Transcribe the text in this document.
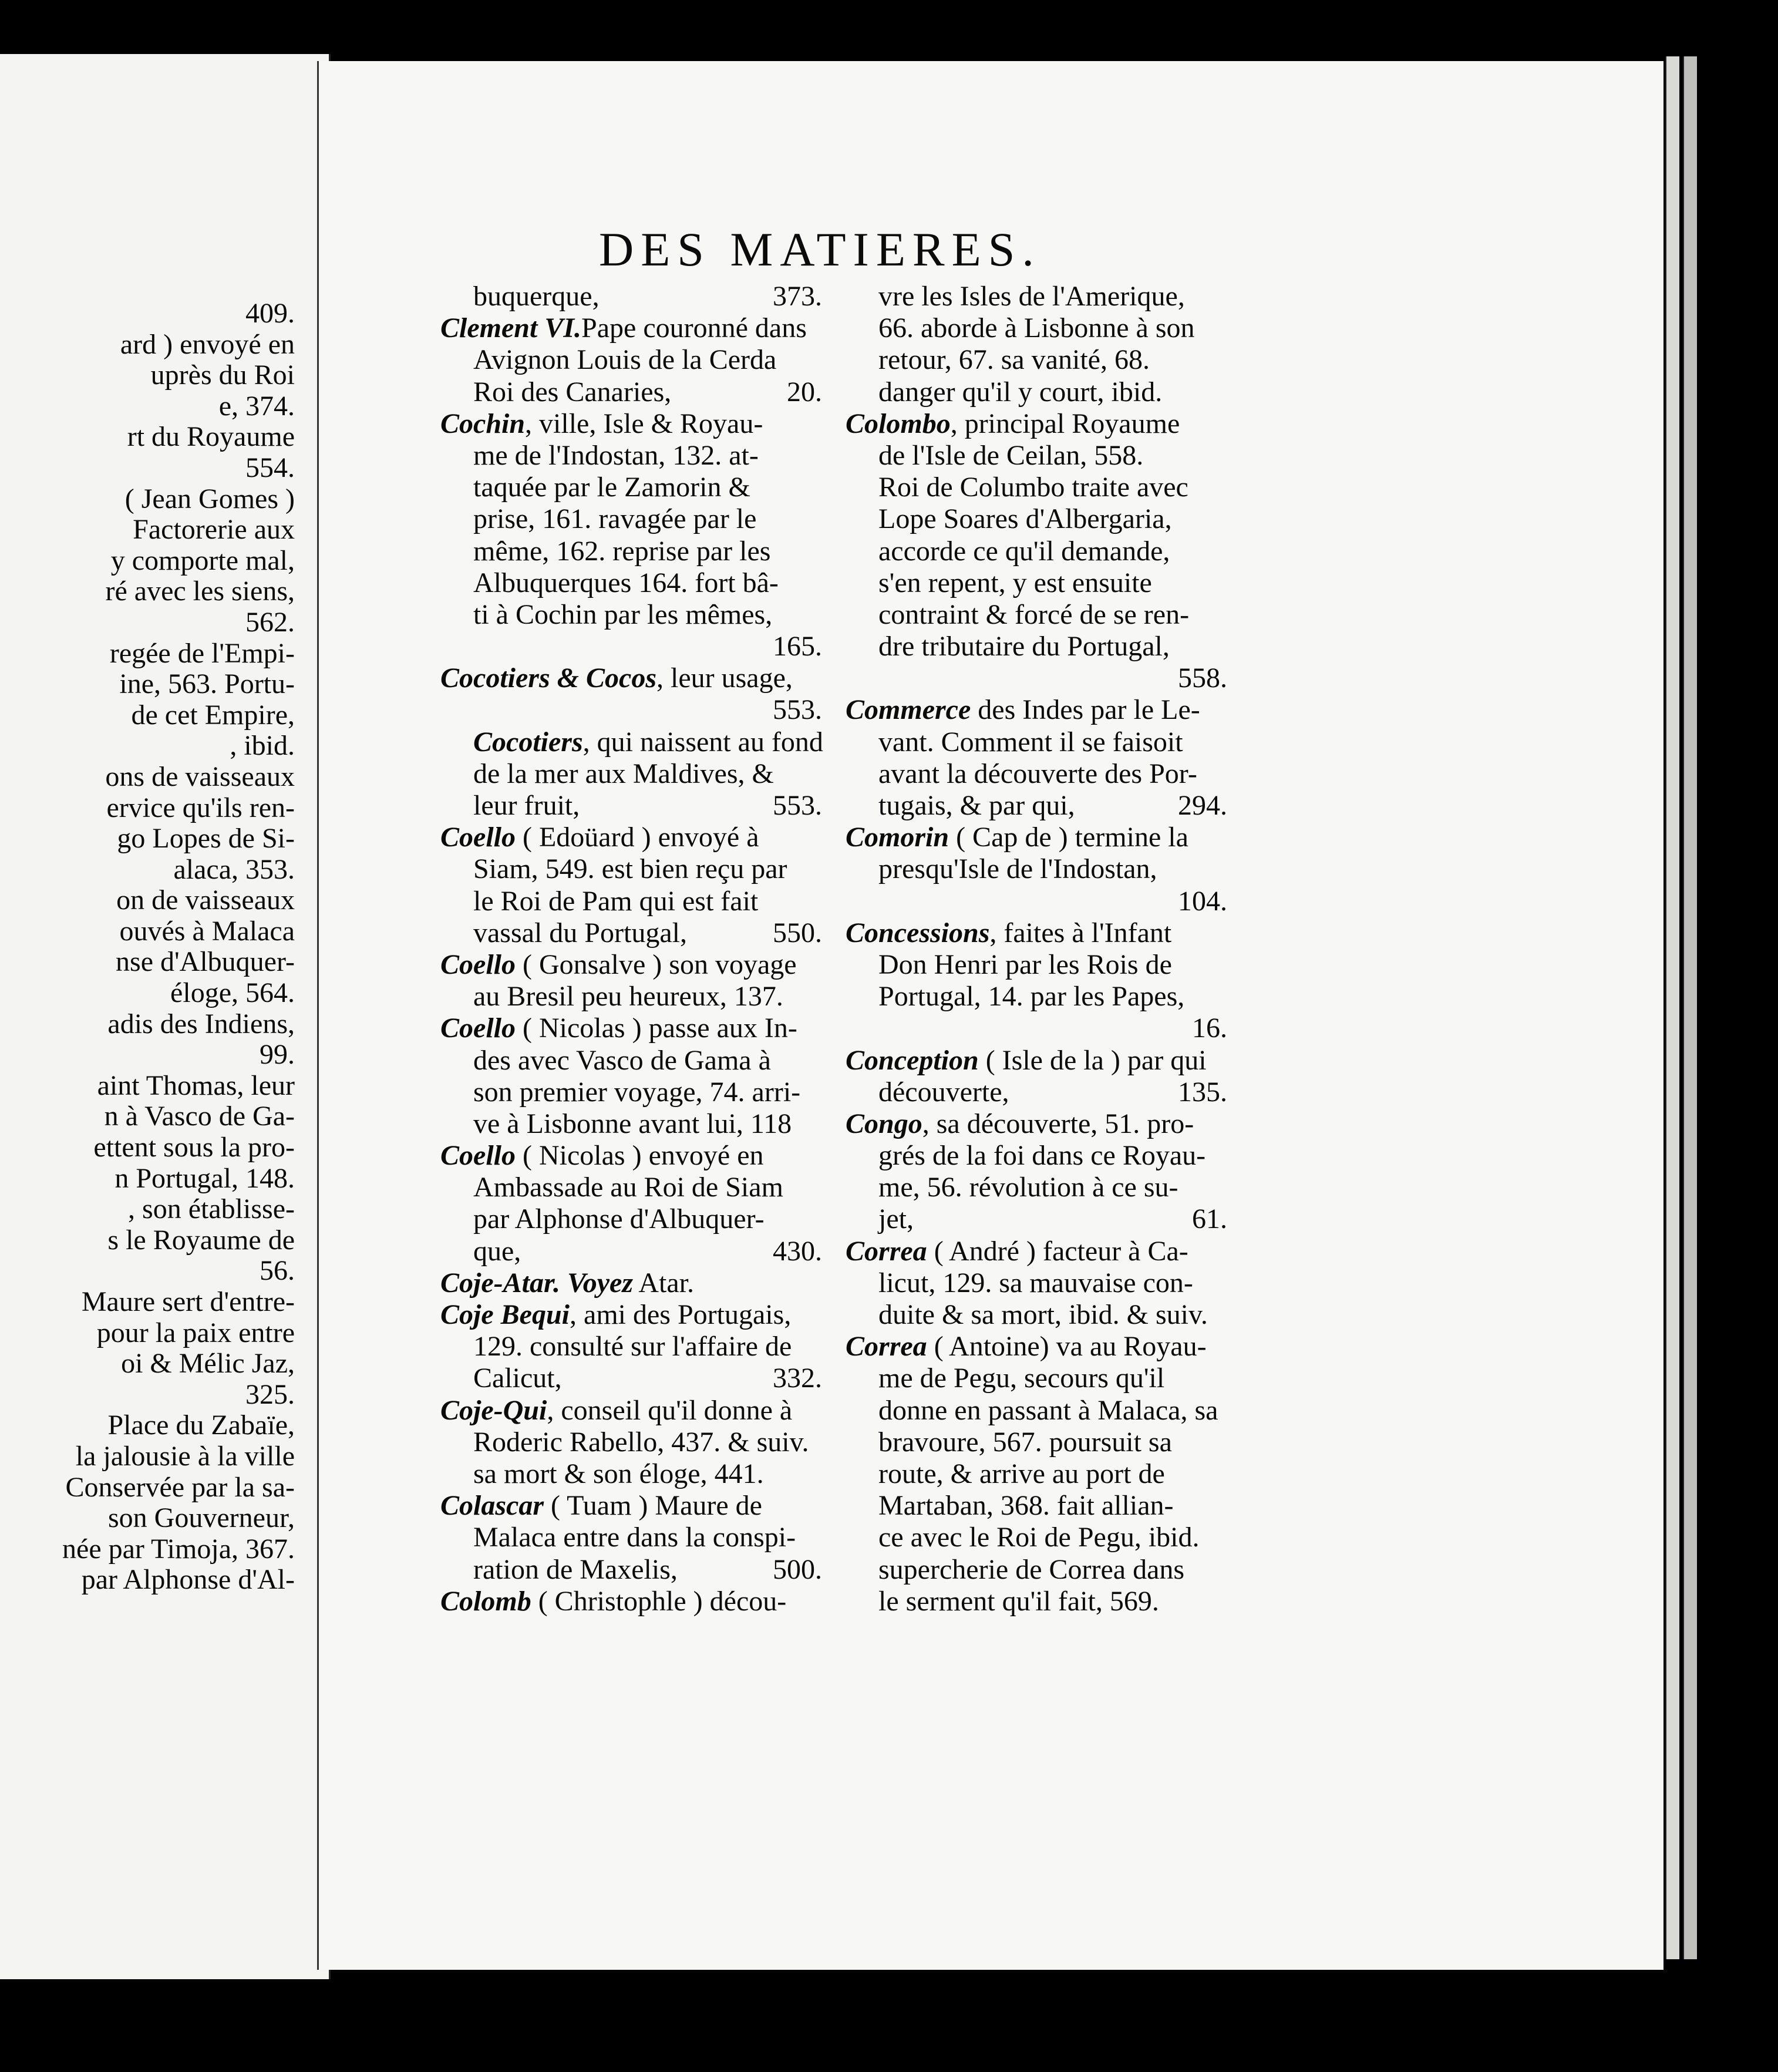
409.
ard ) envoyé en
uprès du Roi
e, 374.
rt du Royaume
554.
( Jean Gomes )
Factorerie aux
y comporte mal,
ré avec les siens,
562.
regée de l'Empi-
ine, 563. Portu-
de cet Empire,
, ibid.
ons de vaisseaux
ervice qu'ils ren-
go Lopes de Si-
alaca, 353.
on de vaisseaux
ouvés à Malaca
nse d'Albuquer-
éloge, 564.
adis des Indiens,
99.
aint Thomas, leur
n à Vasco de Ga-
ettent sous la pro-
n Portugal, 148.
, son établisse-
s le Royaume de
56.
Maure sert d'entre-
pour la paix entre
oi & Mélic Jaz,
325.
Place du Zabaïe,
la jalousie à la ville
Conservée par la sa-
son Gouverneur,
née par Timoja, 367.
par Alphonse d'Al-
DES MATIERES.
buquerque,	373.
Clement VI.Pape couronné dans
Avignon Louis de la Cerda
Roi des Canaries,	20.
Cochin, ville, Isle & Royau-
me de l'Indostan, 132. at-
taquée par le Zamorin &
prise, 161. ravagée par le
même, 162. reprise par les
Albuquerques 164. fort bâ-
ti à Cochin par les mêmes,
165.
Cocotiers & Cocos, leur usage,
553.
Cocotiers, qui naissent au fond
de la mer aux Maldives, &
leur fruit,	553.
Coello ( Edoüard ) envoyé à
Siam, 549. est bien reçu par
le Roi de Pam qui est fait
vassal du Portugal,	550.
Coello ( Gonsalve ) son voyage
au Bresil peu heureux, 137.
Coello ( Nicolas ) passe aux In-
des avec Vasco de Gama à
son premier voyage, 74. arri-
ve à Lisbonne avant lui, 118
Coello ( Nicolas ) envoyé en
Ambassade au Roi de Siam
par Alphonse d'Albuquer-
que,	430.
Coje-Atar. Voyez Atar.
Coje Bequi, ami des Portugais,
129. consulté sur l'affaire de
Calicut,	332.
Coje-Qui, conseil qu'il donne à
Roderic Rabello, 437. & suiv.
sa mort & son éloge, 441.
Colascar ( Tuam ) Maure de
Malaca entre dans la conspi-
ration de Maxelis,	500.
Colomb ( Christophle ) décou-
vre les Isles de l'Amerique,
66. aborde à Lisbonne à son
retour, 67. sa vanité, 68.
danger qu'il y court, ibid.
Colombo, principal Royaume
de l'Isle de Ceilan, 558.
Roi de Columbo traite avec
Lope Soares d'Albergaria,
accorde ce qu'il demande,
s'en repent, y est ensuite
contraint & forcé de se ren-
dre tributaire du Portugal,
558.
Commerce des Indes par le Le-
vant. Comment il se faisoit
avant la découverte des Por-
tugais, & par qui,	294.
Comorin ( Cap de ) termine la
presqu'Isle de l'Indostan,
104.
Concessions, faites à l'Infant
Don Henri par les Rois de
Portugal, 14. par les Papes,
16.
Conception ( Isle de la ) par qui
découverte,	135.
Congo, sa découverte, 51. pro-
grés de la foi dans ce Royau-
me, 56. révolution à ce su-
jet,	61.
Correa ( André ) facteur à Ca-
licut, 129. sa mauvaise con-
duite & sa mort, ibid. & suiv.
Correa ( Antoine) va au Royau-
me de Pegu, secours qu'il
donne en passant à Malaca, sa
bravoure, 567. poursuit sa
route, & arrive au port de
Martaban, 368. fait allian-
ce avec le Roi de Pegu, ibid.
supercherie de Correa dans
le serment qu'il fait, 569.
